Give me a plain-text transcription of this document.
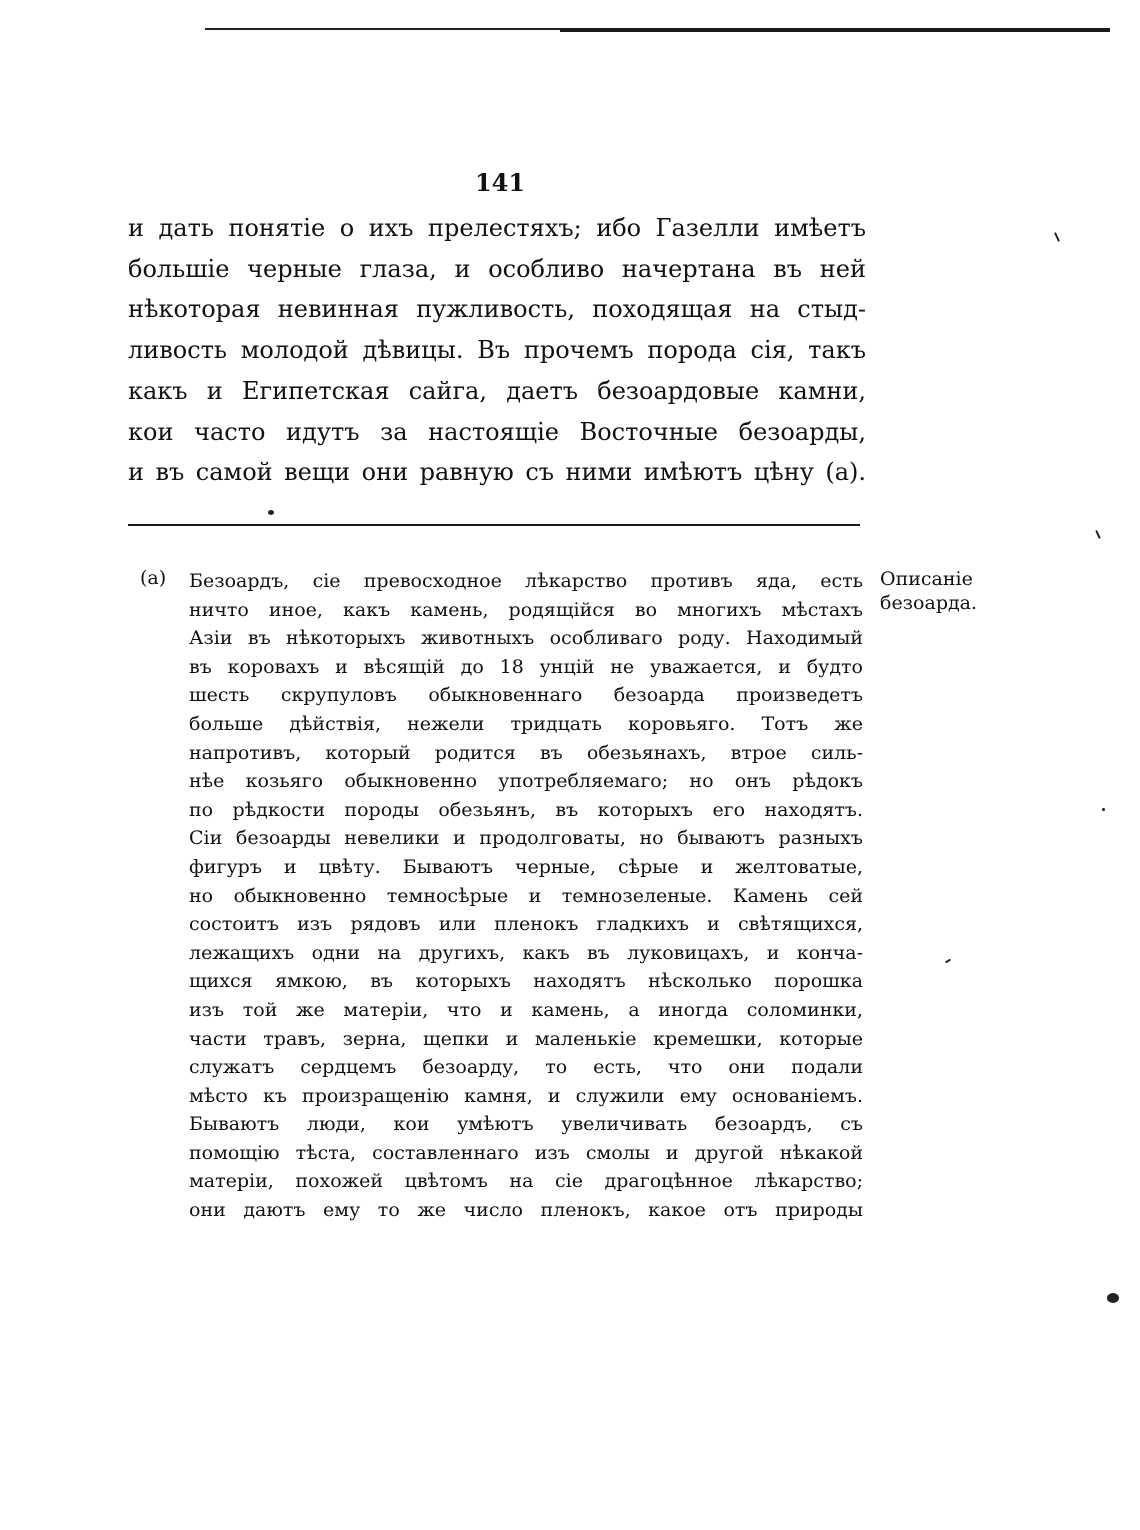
141
и дать понятіе о ихъ прелестяхъ; ибо Газелли имѣетъ
большіе черные глаза, и особливо начертана въ ней
нѣкоторая невинная пужливость, походящая на стыд-
ливость молодой дѣвицы. Въ прочемъ порода сія, такъ
какъ и Египетская сайга, даетъ безоардовые камни,
кои часто идутъ за настоящіе Восточные безоарды,
и въ самой вещи они равную съ ними имѣютъ цѣну (а).
(а) Безоардъ, сіе превосходное лѣкарство противъ яда, есть
ничто иное, какъ камень, родящійся во многихъ мѣстахъ
Азіи въ нѣкоторыхъ животныхъ особливаго роду. Находимый
въ коровахъ и вѣсящій до 18 унцій не уважается, и будто
шесть скрупуловъ обыкновеннаго безоарда произведетъ
больше дѣйствія, нежели тридцать коровьяго. Тотъ же
напротивъ, который родится въ обезьянахъ, втрое силь-
нѣе козьяго обыкновенно употребляемаго; но онъ рѣдокъ
по рѣдкости породы обезьянъ, въ которыхъ его находятъ.
Сіи безоарды невелики и продолговаты, но бываютъ разныхъ
фигуръ и цвѣту. Бываютъ черные, сѣрые и желтоватые,
но обыкновенно темносѣрые и темнозеленые. Камень сей
состоитъ изъ рядовъ или пленокъ гладкихъ и свѣтящихся,
лежащихъ одни на другихъ, какъ въ луковицахъ, и конча-
щихся ямкою, въ которыхъ находятъ нѣсколько порошка
изъ той же матеріи, что и камень, а иногда соломинки,
части травъ, зерна, щепки и маленькіе кремешки, которые
служатъ сердцемъ безоарду, то есть, что они подали
мѣсто къ произращенію камня, и служили ему основаніемъ.
Бываютъ люди, кои умѣютъ увеличивать безоардъ, съ
помощію тѣста, составленнаго изъ смолы и другой нѣкакой
матеріи, похожей цвѣтомъ на сіе драгоцѣнное лѣкарство;
они даютъ ему то же число пленокъ, какое отъ природы
Описаніе
безоарда.
